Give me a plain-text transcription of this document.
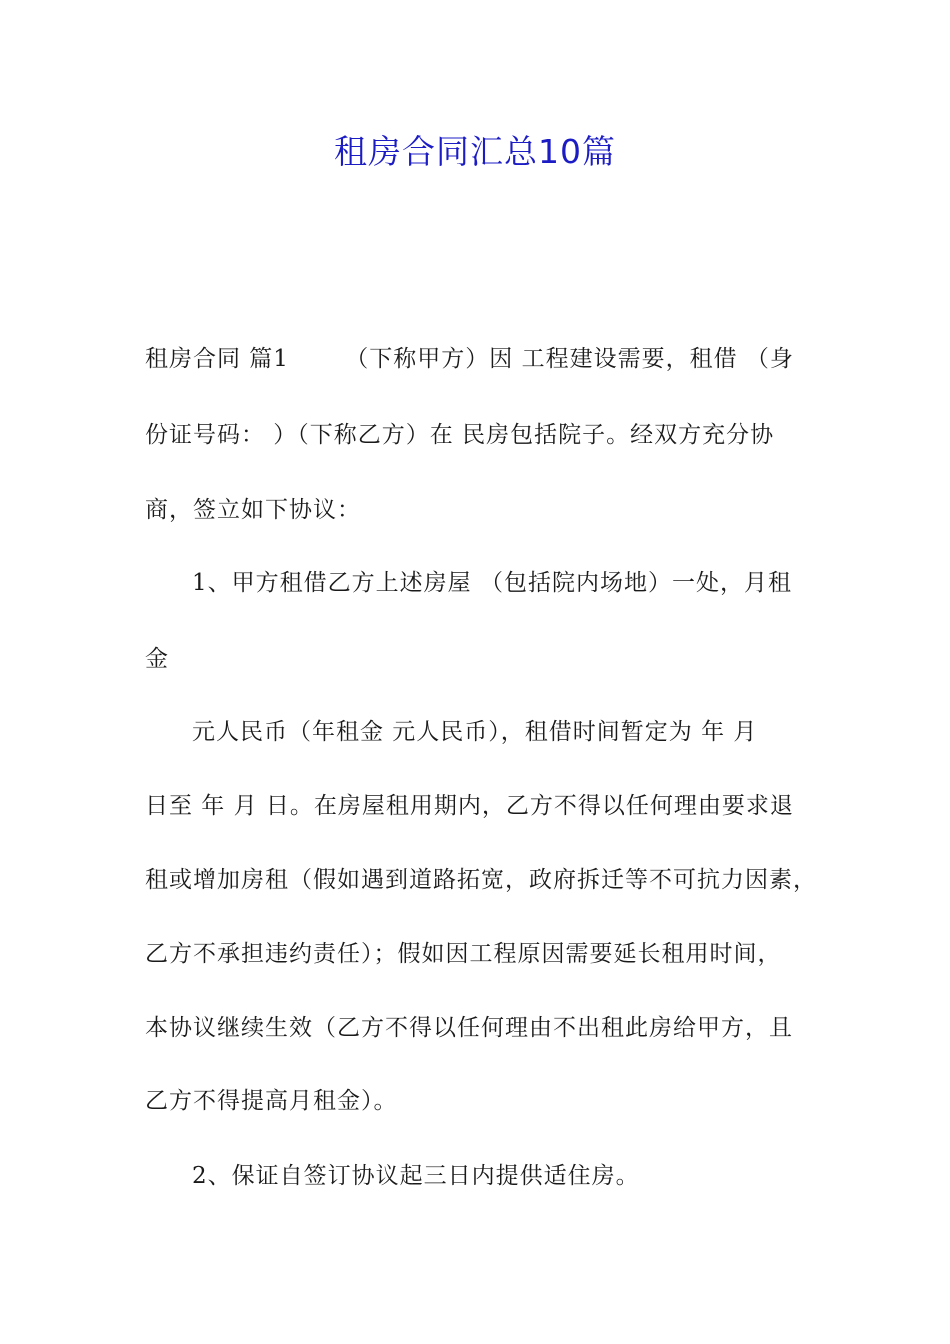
租房合同汇总10篇

租房合同 篇1　　 （下称甲方）因 工程建设需要，租借 （身

份证号码： ）（下称乙方）在 民房包括院子。经双方充分协

商，签立如下协议：

1、甲方租借乙方上述房屋 （包括院内场地）一处，月租

金

元人民币（年租金 元人民币），租借时间暂定为 年 月

日至 年 月 日。在房屋租用期内，乙方不得以任何理由要求退

租或增加房租（假如遇到道路拓宽，政府拆迁等不可抗力因素，

乙方不承担违约责任）；假如因工程原因需要延长租用时间，

本协议继续生效（乙方不得以任何理由不出租此房给甲方，且

乙方不得提高月租金）。

2、保证自签订协议起三日内提供适住房。
